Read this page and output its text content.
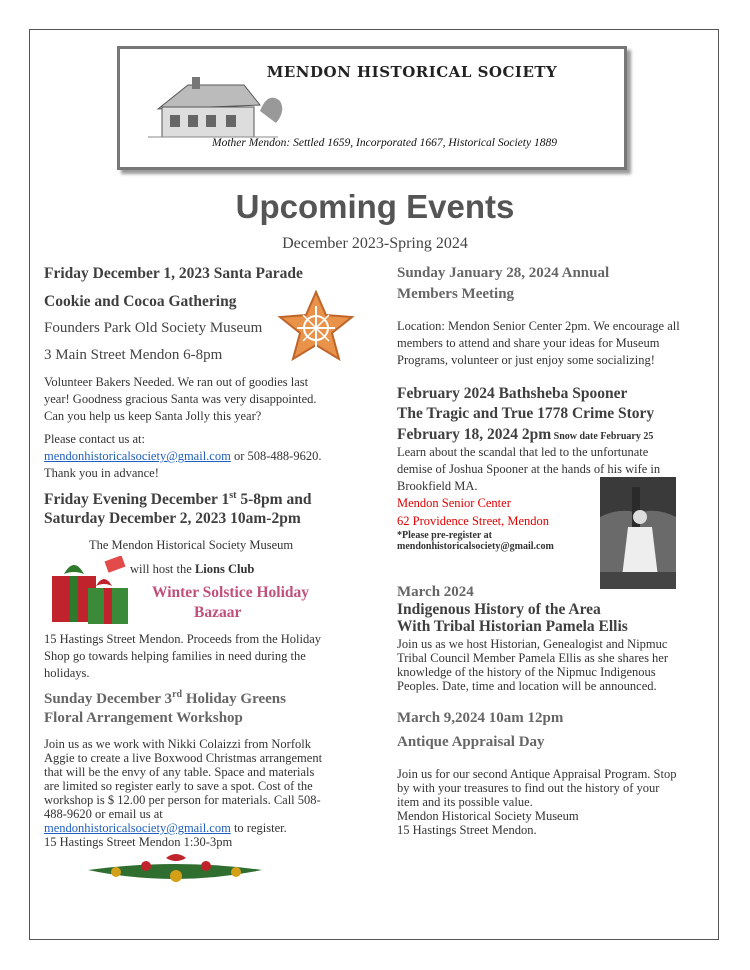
MENDON HISTORICAL SOCIETY
Mother Mendon: Settled 1659, Incorporated 1667, Historical Society 1889
Upcoming Events
December 2023-Spring 2024
Friday December 1, 2023 Santa Parade
Cookie and Cocoa Gathering
Founders Park Old Society Museum
3 Main Street Mendon 6-8pm
Volunteer Bakers Needed. We ran out of goodies last
year! Goodness gracious Santa was very disappointed.
Can you help us keep Santa Jolly this year?
Please contact us at:
mendonhistoricalsociety@gmail.com or 508-488-9620.
Thank you in advance!
Friday Evening December 1st 5-8pm and
Saturday December 2, 2023 10am-2pm
The Mendon Historical Society Museum
will host the Lions Club
Winter Solstice Holiday
Bazaar
15 Hastings Street Mendon. Proceeds from the Holiday
Shop go towards helping families in need during the
holidays.
Sunday December 3rd Holiday Greens
Floral Arrangement Workshop
Join us as we work with Nikki Colaizzi from Norfolk
Aggie to create a live Boxwood Christmas arrangement
that will be the envy of any table. Space and materials
are limited so register early to save a spot. Cost of the
workshop is $ 12.00 per person for materials. Call 508-
488-9620 or email us at
mendonhistoricalsociety@gmail.com to register.
15 Hastings Street Mendon 1:30-3pm
Sunday January 28, 2024 Annual
Members Meeting
Location: Mendon Senior Center 2pm. We encourage all
members to attend and share your ideas for Museum
Programs, volunteer or just enjoy some socializing!
February 2024 Bathsheba Spooner
The Tragic and True 1778 Crime Story
February 18, 2024 2pm Snow date February 25
Learn about the scandal that led to the unfortunate
demise of Joshua Spooner at the hands of his wife in
Brookfield MA.
Mendon Senior Center
62 Providence Street, Mendon
*Please pre-register at
mendonhistoricalsociety@gmail.com
March 2024
Indigenous History of the Area
With Tribal Historian Pamela Ellis
Join us as we host Historian, Genealogist and Nipmuc
Tribal Council Member Pamela Ellis as she shares her
knowledge of the history of the Nipmuc Indigenous
Peoples. Date, time and location will be announced.
March 9,2024 10am 12pm
Antique Appraisal Day
Join us for our second Antique Appraisal Program. Stop
by with your treasures to find out the history of your
item and its possible value.
Mendon Historical Society Museum
15 Hastings Street Mendon.
